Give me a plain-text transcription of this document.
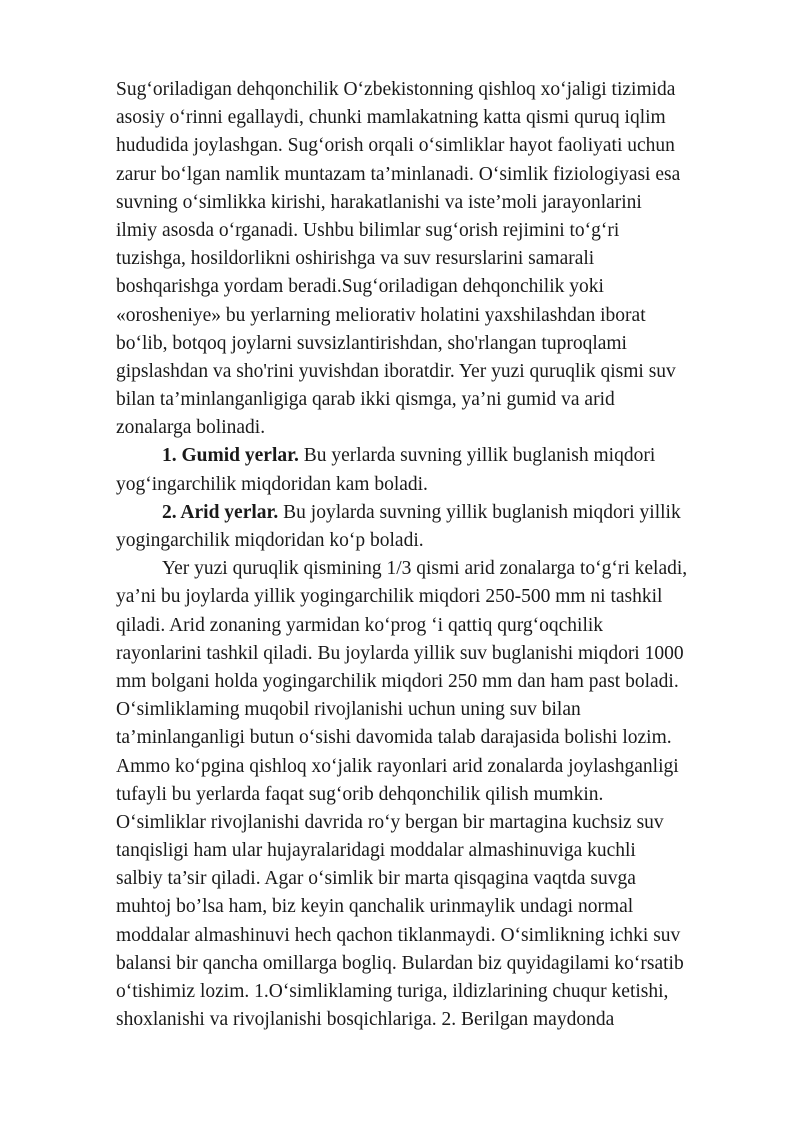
Sug‘oriladigan dehqonchilik O‘zbekistonning qishloq xo‘jaligi tizimida
asosiy o‘rinni egallaydi, chunki mamlakatning katta qismi quruq iqlim
hududida joylashgan. Sug‘orish orqali o‘simliklar hayot faoliyati uchun
zarur bo‘lgan namlik muntazam ta’minlanadi. O‘simlik fiziologiyasi esa
suvning o‘simlikka kirishi, harakatlanishi va iste’moli jarayonlarini
ilmiy asosda o‘rganadi. Ushbu bilimlar sug‘orish rejimini to‘g‘ri
tuzishga, hosildorlikni oshirishga va suv resurslarini samarali
boshqarishga yordam beradi.Sug‘oriladigan dehqonchilik yoki
«orosheniye» bu yerlarning meliorativ holatini yaxshilashdan iborat
bo‘lib, botqoq joylarni suvsizlantirishdan, sho'rlangan tuproqlami
gipslashdan va sho'rini yuvishdan iboratdir. Yer yuzi quruqlik qismi suv
bilan ta’minlanganligiga qarab ikki qismga, ya’ni gumid va arid
zonalarga bolinadi.
1. Gumid yerlar. Bu yerlarda suvning yillik buglanish miqdori
yog‘ingarchilik miqdoridan kam boladi.
2. Arid yerlar. Bu joylarda suvning yillik buglanish miqdori yillik
yogingarchilik miqdoridan ko‘p boladi.
Yer yuzi quruqlik qismining 1/3 qismi arid zonalarga to‘g‘ri keladi,
ya’ni bu joylarda yillik yogingarchilik miqdori 250-500 mm ni tashkil
qiladi. Arid zonaning yarmidan ko‘prog ‘i qattiq qurg‘oqchilik
rayonlarini tashkil qiladi. Bu joylarda yillik suv buglanishi miqdori 1000
mm bolgani holda yogingarchilik miqdori 250 mm dan ham past boladi.
O‘simliklaming muqobil rivojlanishi uchun uning suv bilan
ta’minlanganligi butun o‘sishi davomida talab darajasida bolishi lozim.
Ammo ko‘pgina qishloq xo‘jalik rayonlari arid zonalarda joylashganligi
tufayli bu yerlarda faqat sug‘orib dehqonchilik qilish mumkin.
O‘simliklar rivojlanishi davrida ro‘y bergan bir martagina kuchsiz suv
tanqisligi ham ular hujayralaridagi moddalar almashinuviga kuchli
salbiy ta’sir qiladi. Agar o‘simlik bir marta qisqagina vaqtda suvga
muhtoj bo’lsa ham, biz keyin qanchalik urinmaylik undagi normal
moddalar almashinuvi hech qachon tiklanmaydi. O‘simlikning ichki suv
balansi bir qancha omillarga bogliq. Bulardan biz quyidagilami ko‘rsatib
o‘tishimiz lozim. 1.O‘simliklaming turiga, ildizlarining chuqur ketishi,
shoxlanishi va rivojlanishi bosqichlariga. 2. Berilgan maydonda
